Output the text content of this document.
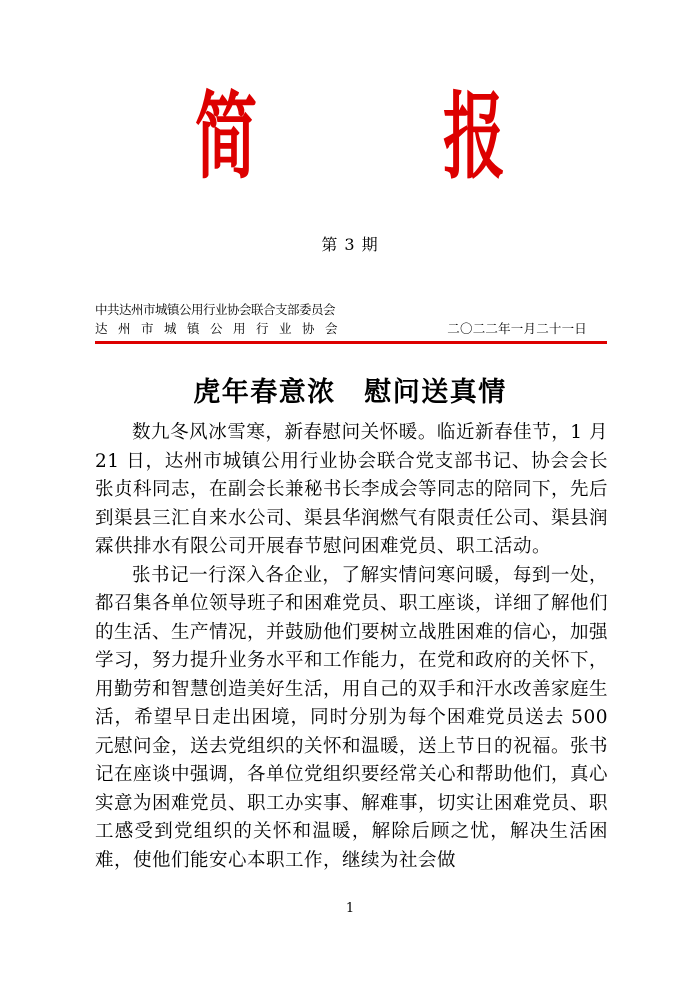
简 报
第 3 期
中共达州市城镇公用行业协会联合支部委员会
达州市城镇公用行业协会	二〇二二年一月二十一日
虎年春意浓　慰问送真情

数九冬风冰雪寒，新春慰问关怀暖。临近新春佳节，1 月 21 日，达州市城镇公用行业协会联合党支部书记、协会会长张贞科同志，在副会长兼秘书长李成会等同志的陪同下，先后到渠县三汇自来水公司、渠县华润燃气有限责任公司、渠县润霖供排水有限公司开展春节慰问困难党员、职工活动。

张书记一行深入各企业，了解实情问寒问暖，每到一处，都召集各单位领导班子和困难党员、职工座谈，详细了解他们的生活、生产情况，并鼓励他们要树立战胜困难的信心，加强学习，努力提升业务水平和工作能力，在党和政府的关怀下，用勤劳和智慧创造美好生活，用自己的双手和汗水改善家庭生活，希望早日走出困境，同时分别为每个困难党员送去 500 元慰问金，送去党组织的关怀和温暖，送上节日的祝福。张书记在座谈中强调，各单位党组织要经常关心和帮助他们，真心实意为困难党员、职工办实事、解难事，切实让困难党员、职工感受到党组织的关怀和温暖，解除后顾之忧，解决生活困难，使他们能安心本职工作，继续为社会做

1
